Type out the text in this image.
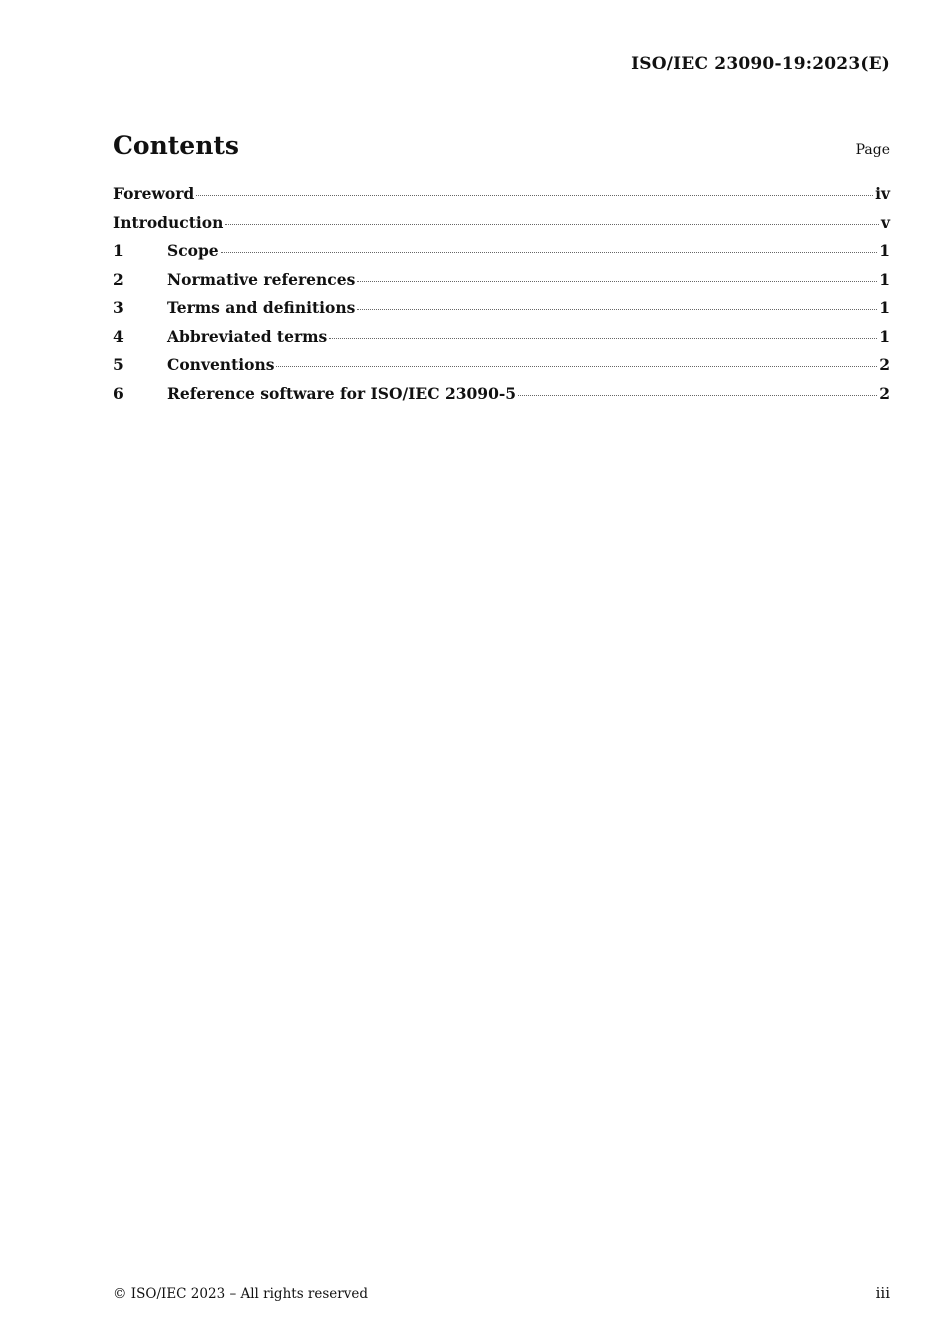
ISO/IEC 23090-19:2023(E)
Contents	Page
Foreword	iv
Introduction	v
1	Scope	1
2	Normative references	1
3	Terms and definitions	1
4	Abbreviated terms	1
5	Conventions	2
6	Reference software for ISO/IEC 23090-5	2
© ISO/IEC 2023 – All rights reserved	iii
